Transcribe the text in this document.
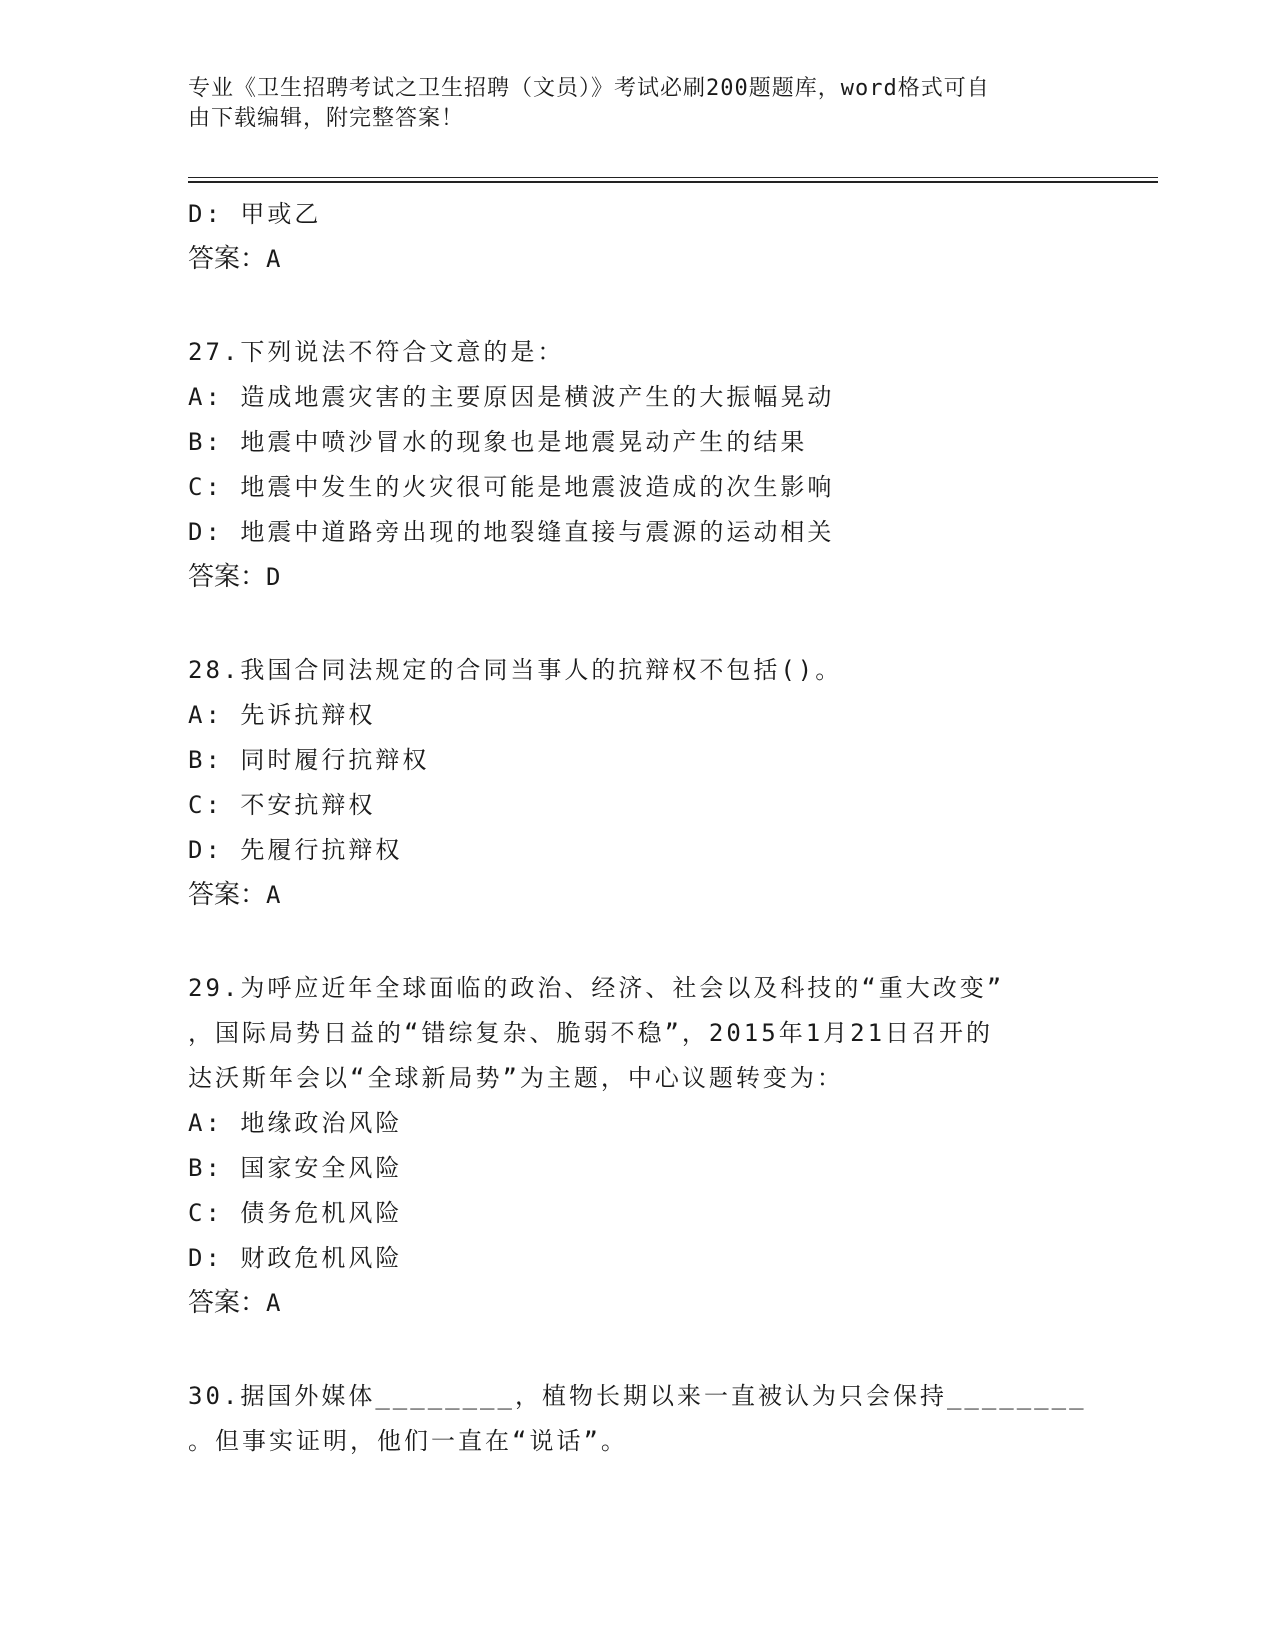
专业《卫生招聘考试之卫生招聘（文员）》考试必刷200题题库，word格式可自
由下载编辑，附完整答案！
D: 甲或乙
答案：A
27.下列说法不符合文意的是：
A: 造成地震灾害的主要原因是横波产生的大振幅晃动
B: 地震中喷沙冒水的现象也是地震晃动产生的结果
C: 地震中发生的火灾很可能是地震波造成的次生影响
D: 地震中道路旁出现的地裂缝直接与震源的运动相关
答案：D
28.我国合同法规定的合同当事人的抗辩权不包括()。
A: 先诉抗辩权
B: 同时履行抗辩权
C: 不安抗辩权
D: 先履行抗辩权
答案：A
29.为呼应近年全球面临的政治、经济、社会以及科技的“重大改变”
，国际局势日益的“错综复杂、脆弱不稳”，2015年1月21日召开的
达沃斯年会以“全球新局势”为主题，中心议题转变为：
A: 地缘政治风险
B: 国家安全风险
C: 债务危机风险
D: 财政危机风险
答案：A
30.据国外媒体________，植物长期以来一直被认为只会保持________
。但事实证明，他们一直在“说话”。
